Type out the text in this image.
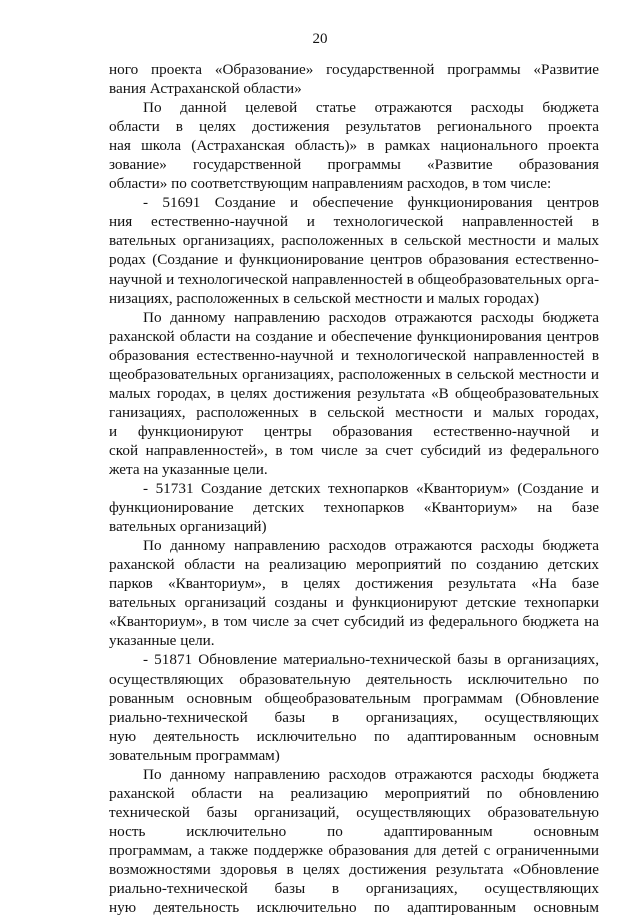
20
ного проекта «Образование» государственной программы «Развитие
вания Астраханской области»
По данной целевой статье отражаются расходы бюджета
области в целях достижения результатов регионального проекта
ная школа (Астраханская область)» в рамках национального проекта
зование» государственной программы «Развитие образования
области» по соответствующим направлениям расходов, в том числе:
- 51691 Создание и обеспечение функционирования центров
ния естественно-научной и технологической направленностей в
вательных организациях, расположенных в сельской местности и малых
родах (Создание и функционирование центров образования естественно-
научной и технологической направленностей в общеобразовательных орга-
низациях, расположенных в сельской местности и малых городах)
По данному направлению расходов отражаются расходы бюджета
раханской области на создание и обеспечение функционирования центров
образования естественно-научной и технологической направленностей в
щеобразовательных организациях, расположенных в сельской местности и
малых городах, в целях достижения результата «В общеобразовательных
ганизациях, расположенных в сельской местности и малых городах,
и функционируют центры образования естественно-научной и
ской направленностей», в том числе за счет субсидий из федерального
жета на указанные цели.
- 51731 Создание детских технопарков «Кванториум» (Создание и
функционирование детских технопарков «Кванториум» на базе
вательных организаций)
По данному направлению расходов отражаются расходы бюджета
раханской области на реализацию мероприятий по созданию детских
парков «Кванториум», в целях достижения результата «На базе
вательных организаций созданы и функционируют детские технопарки
«Кванториум», в том числе за счет субсидий из федерального бюджета на
указанные цели.
- 51871 Обновление материально-технической базы в организациях,
осуществляющих образовательную деятельность исключительно по
рованным основным общеобразовательным программам (Обновление
риально-технической базы в организациях, осуществляющих
ную деятельность исключительно по адаптированным основным
зовательным программам)
По данному направлению расходов отражаются расходы бюджета
раханской области на реализацию мероприятий по обновлению
технической базы организаций, осуществляющих образовательную
ность исключительно по адаптированным основным
программам, а также поддержке образования для детей с ограниченными
возможностями здоровья в целях достижения результата «Обновление
риально-технической базы в организациях, осуществляющих
ную деятельность исключительно по адаптированным основным
